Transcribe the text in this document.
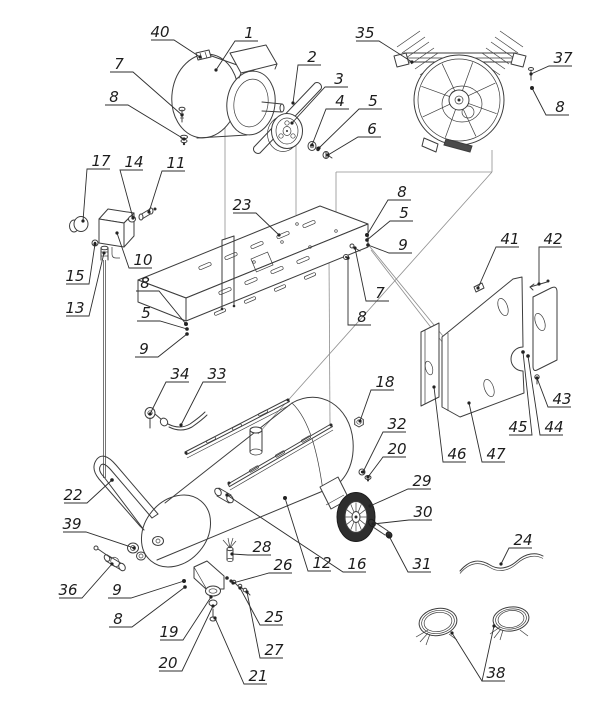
40	1
7
8
2
3
4 5
6
35
37
8
17 14 11
10
15
13
23
8
5
9
7
8
8
5
9
41 42
43
44
45
46 47
34 33	18
32
20
29
30
31
12 16
22
39
36 9
8
19
20
21
28
26
25
27
24
38
